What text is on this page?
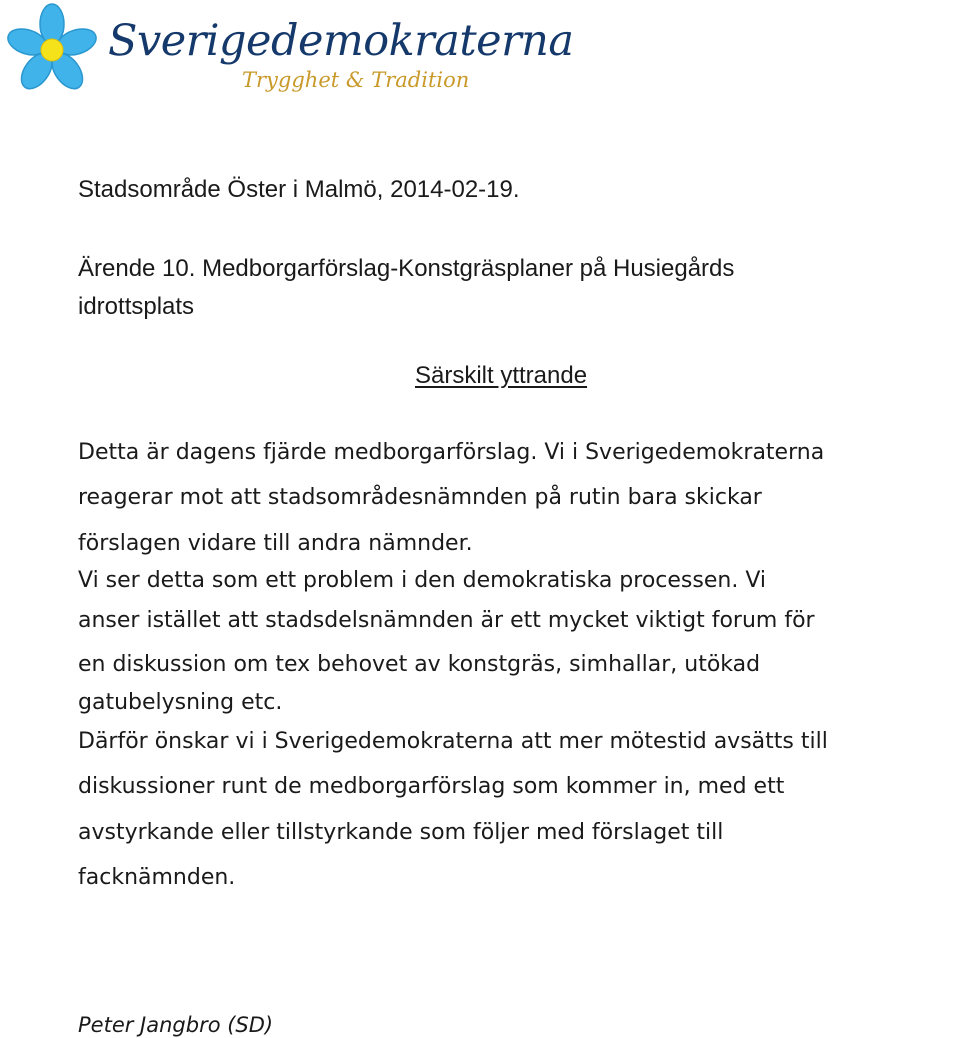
Sverigedemokraterna
Trygghet & Tradition

Stadsområde Öster i Malmö, 2014-02-19.

Ärende 10. Medborgarförslag-Konstgräsplaner på Husiegårds

idrottsplats

Särskilt yttrande

Detta är dagens fjärde medborgarförslag. Vi i Sverigedemokraterna

reagerar mot att stadsområdesnämnden på rutin bara skickar

förslagen vidare till andra nämnder.

Vi ser detta som ett problem i den demokratiska processen. Vi

anser istället att stadsdelsnämnden är ett mycket viktigt forum för

en diskussion om tex behovet av konstgräs, simhallar, utökad

gatubelysning etc.

Därför önskar vi i Sverigedemokraterna att mer mötestid avsätts till

diskussioner runt de medborgarförslag som kommer in, med ett

avstyrkande eller tillstyrkande som följer med förslaget till

facknämnden.

Peter Jangbro (SD)
